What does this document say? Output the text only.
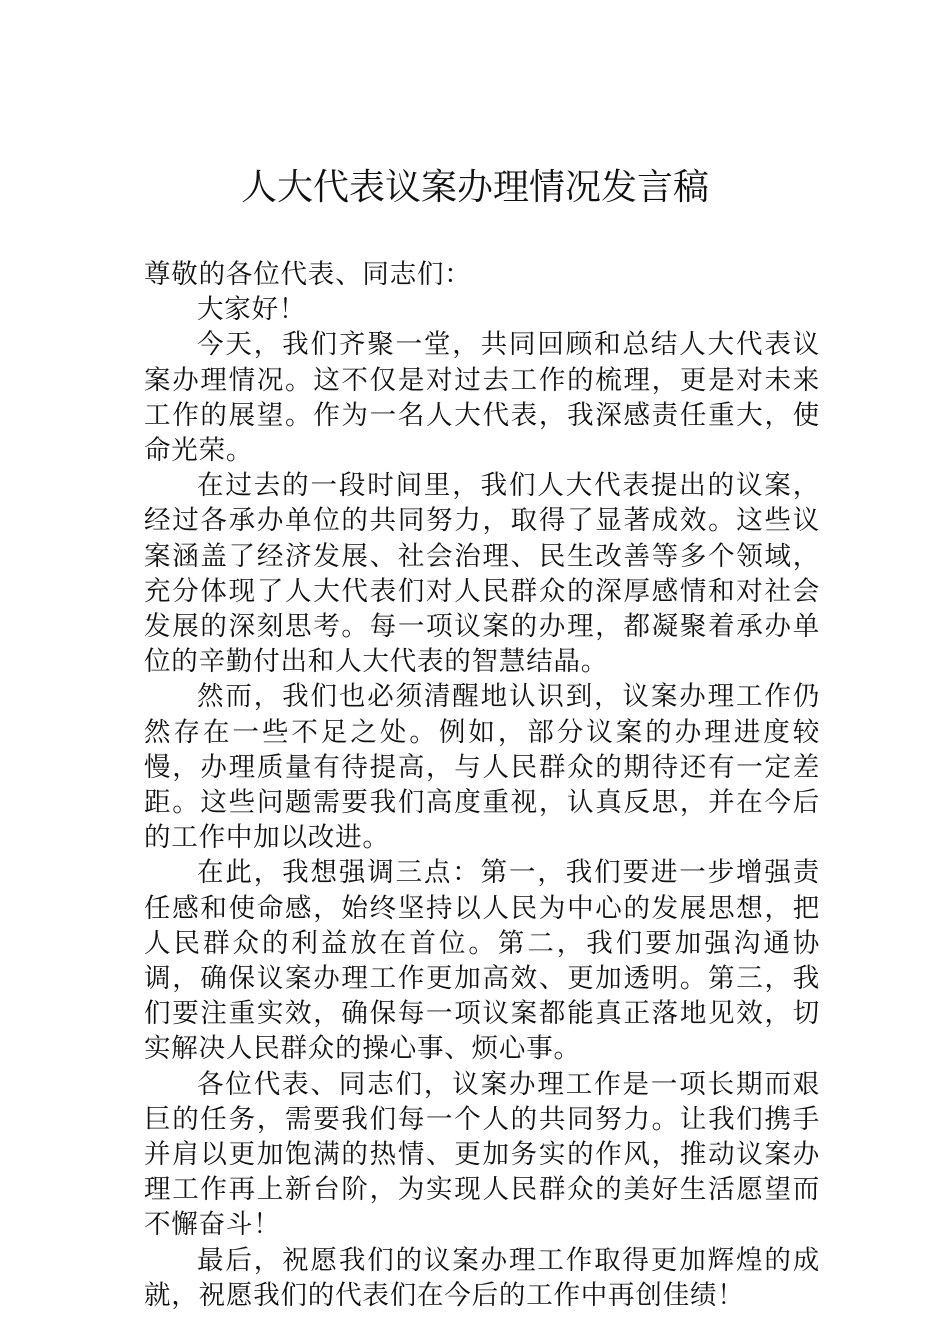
人大代表议案办理情况发言稿

尊敬的各位代表、同志们：

大家好！

今天，我们齐聚一堂，共同回顾和总结人大代表议案办理情况。这不仅是对过去工作的梳理，更是对未来工作的展望。作为一名人大代表，我深感责任重大，使命光荣。

在过去的一段时间里，我们人大代表提出的议案，经过各承办单位的共同努力，取得了显著成效。这些议案涵盖了经济发展、社会治理、民生改善等多个领域，充分体现了人大代表们对人民群众的深厚感情和对社会发展的深刻思考。每一项议案的办理，都凝聚着承办单位的辛勤付出和人大代表的智慧结晶。

然而，我们也必须清醒地认识到，议案办理工作仍然存在一些不足之处。例如，部分议案的办理进度较慢，办理质量有待提高，与人民群众的期待还有一定差距。这些问题需要我们高度重视，认真反思，并在今后的工作中加以改进。

在此，我想强调三点：第一，我们要进一步增强责任感和使命感，始终坚持以人民为中心的发展思想，把人民群众的利益放在首位。第二，我们要加强沟通协调，确保议案办理工作更加高效、更加透明。第三，我们要注重实效，确保每一项议案都能真正落地见效，切实解决人民群众的操心事、烦心事。

各位代表、同志们，议案办理工作是一项长期而艰巨的任务，需要我们每一个人的共同努力。让我们携手并肩以更加饱满的热情、更加务实的作风，推动议案办理工作再上新台阶，为实现人民群众的美好生活愿望而不懈奋斗！

最后，祝愿我们的议案办理工作取得更加辉煌的成就，祝愿我们的代表们在今后的工作中再创佳绩！
